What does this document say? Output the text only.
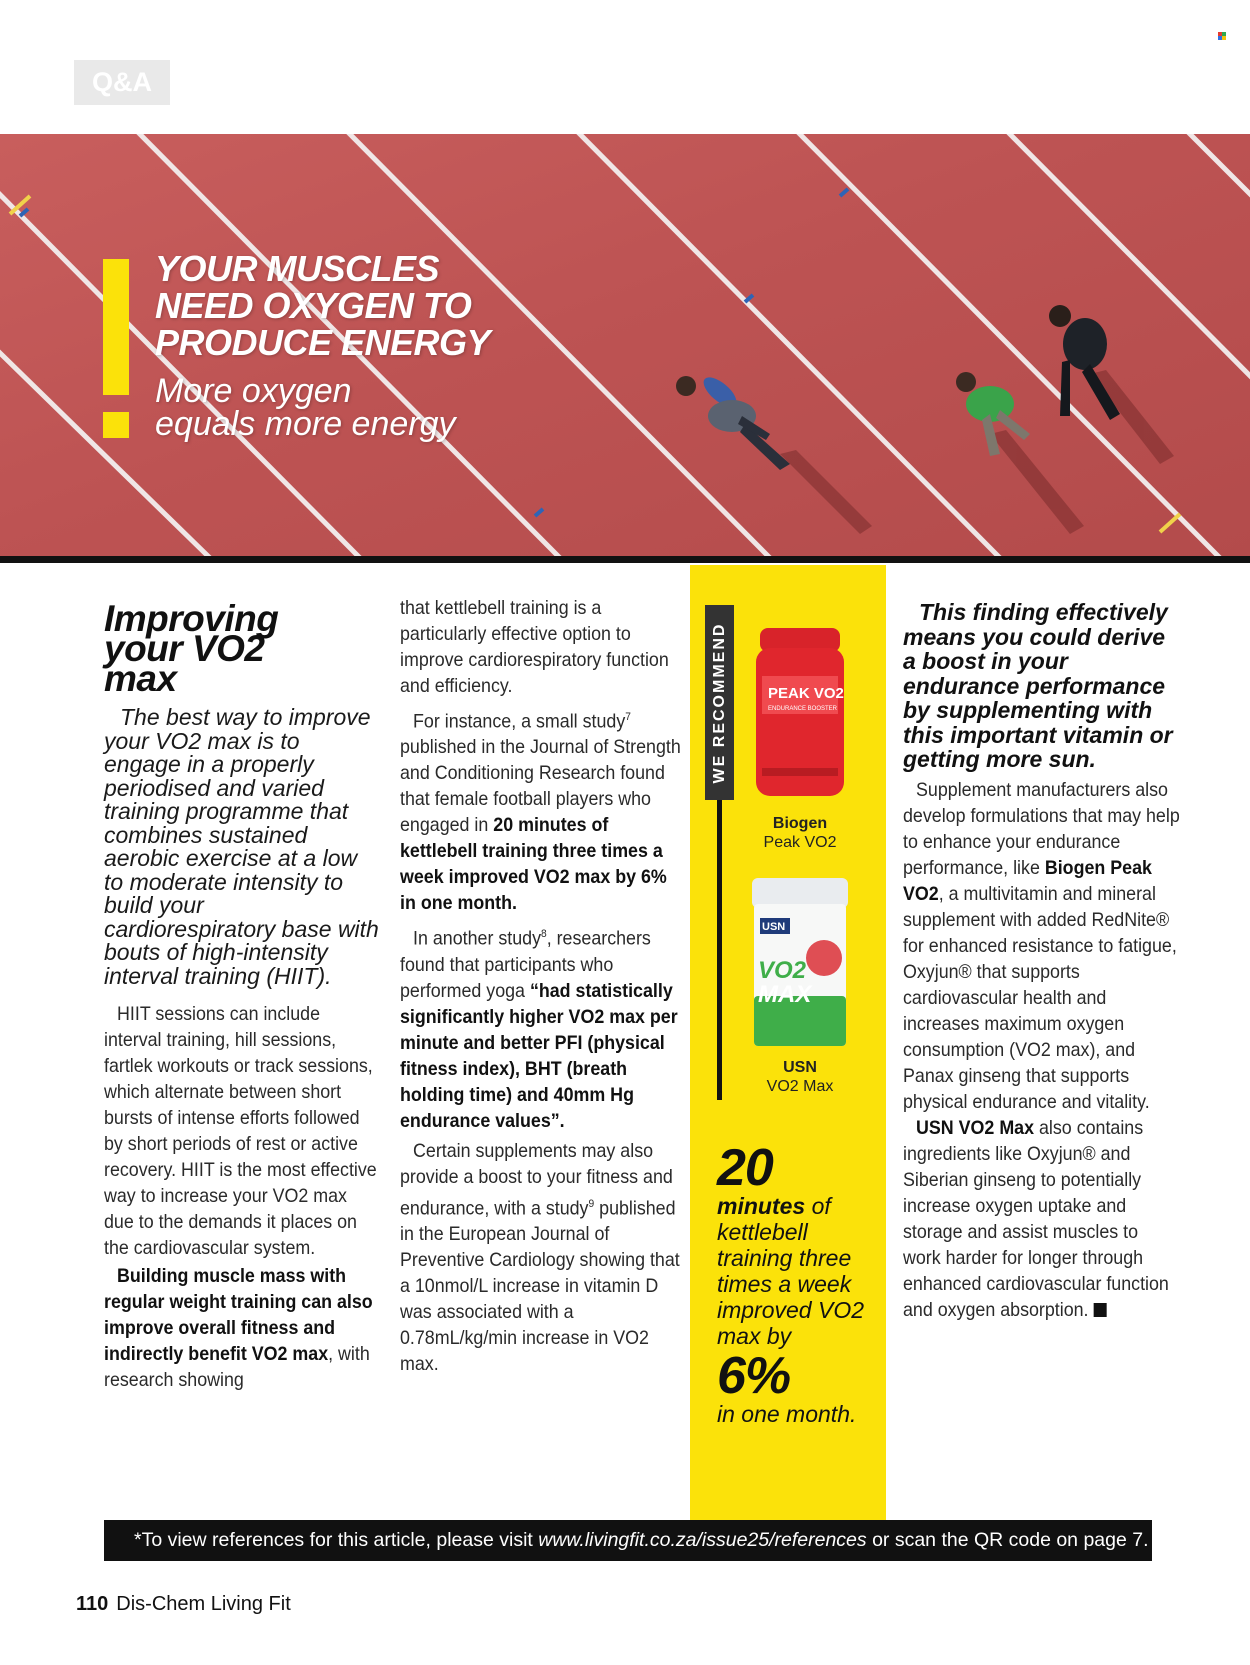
Q&A
YOUR MUSCLES
NEED OXYGEN TO
PRODUCE ENERGY
More oxygen
equals more energy
Improving
your VO2
max

The best way to improve your VO2 max is to engage in a properly periodised and varied training programme that combines sustained aerobic exercise at a low to moderate intensity to build your cardiorespiratory base with bouts of high-intensity interval training (HIIT).

HIIT sessions can include interval training, hill sessions, fartlek workouts or track sessions, which alternate between short bursts of intense efforts followed by short periods of rest or active recovery. HIIT is the most effective way to increase your VO2 max due to the demands it places on the cardiovascular system.

Building muscle mass with regular weight training can also improve overall fitness and indirectly benefit VO2 max, with research showing

that kettlebell training is a particularly effective option to improve cardiorespiratory function and efficiency.

For instance, a small study$^7$ published in the Journal of Strength and Conditioning Research found that female football players who engaged in 20 minutes of kettlebell training three times a week improved VO2 max by 6% in one month.

In another study$^8$, researchers found that participants who performed yoga “had statistically significantly higher VO2 max per minute and better PFI (physical fitness index), BHT (breath holding time) and 40mm Hg endurance values”.

Certain supplements may also provide a boost to your fitness and endurance, with a study$^9$ published in the European Journal of Preventive Cardiology showing that a 10nmol/L increase in vitamin D was associated with a 0.78mL/kg/min increase in VO2 max.

WE RECOMMEND	PEAK VO2
ENDURANCE BOOSTER
Biogen
Peak VO2
USN
VO2
MAX
USN
VO2 Max
20
minutes of kettlebell training three times a week improved VO2 max by
6%
in one month.
This finding effectively means you could derive a boost in your endurance performance by supplementing with this important vitamin or getting more sun.

Supplement manufacturers also develop formulations that may help to enhance your endurance performance, like Biogen Peak VO2, a multivitamin and mineral supplement with added RedNite® for enhanced resistance to fatigue, Oxyjun® that supports cardiovascular health and increases maximum oxygen consumption (VO2 max), and Panax ginseng that supports physical endurance and vitality.

USN VO2 Max also contains ingredients like Oxyjun® and Siberian ginseng to potentially increase oxygen uptake and storage and assist muscles to work harder for longer through enhanced cardiovascular function and oxygen absorption. LF

*To view references for this article, please visit www.livingfit.co.za/issue25/references or scan the QR code on page 7.
110 Dis-Chem Living Fit
